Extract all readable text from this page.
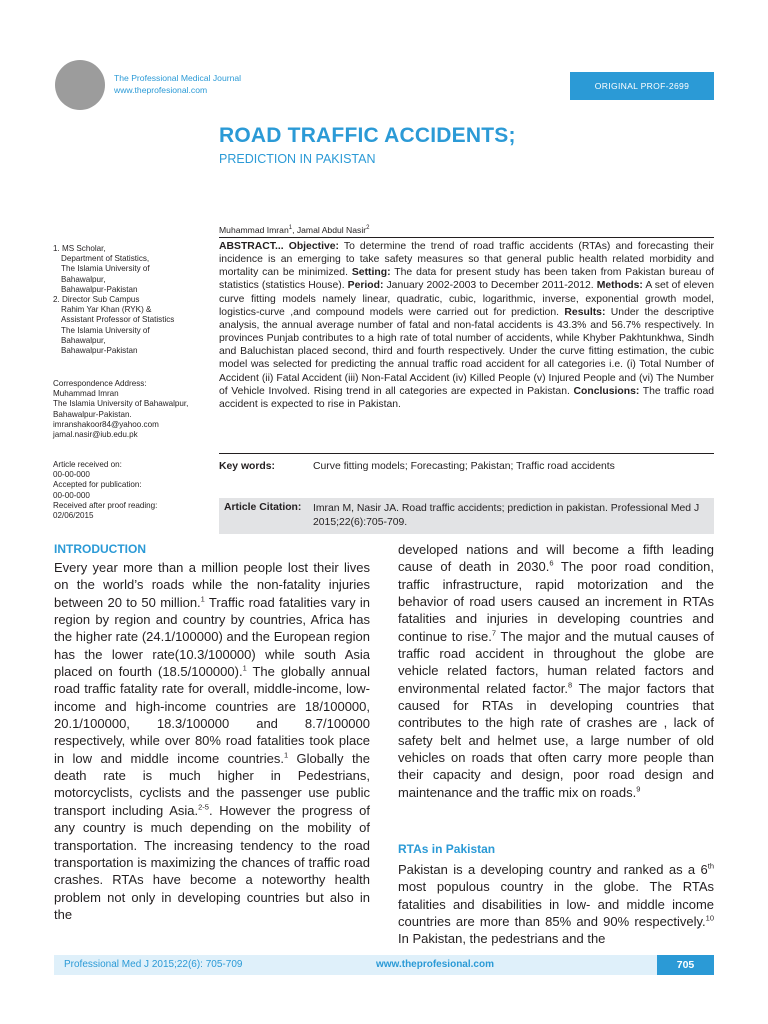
The Professional Medical Journal
www.theprofesional.com	ORIGINAL PROF-2699
ROAD TRAFFIC ACCIDENTS;
PREDICTION IN PAKISTAN
Muhammad Imran$^1$, Jamal Abdul Nasir$^2$
ABSTRACT... Objective: To determine the trend of road traffic accidents (RTAs) and forecasting their incidence is an emerging to take safety measures so that general public health related morbidity and mortality can be minimized. Setting: The data for present study has been taken from Pakistan bureau of statistics (statistics House). Period: January 2002-2003 to December 2011-2012. Methods: A set of eleven curve fitting models namely linear, quadratic, cubic, logarithmic, inverse, exponential growth model, logistics-curve ,and compound models were carried out for prediction. Results: Under the descriptive analysis, the annual average number of fatal and non-fatal accidents is 43.3% and 56.7% respectively. In provinces Punjab contributes to a high rate of total number of accidents, while Khyber Pakhtunkhwa, Sindh and Baluchistan placed second, third and fourth respectively. Under the curve fitting estimation, the cubic model was selected for predicting the annual traffic road accident for all categories i.e. (i) Total Number of Accident (ii) Fatal Accident (iii) Non-Fatal Accident (iv) Killed People (v) Injured People and (vi) The Number of Vehicle Involved. Rising trend in all categories are expected in Pakistan. Conclusions: The traffic road accident is expected to rise in Pakistan.
Key words:	Curve fitting models; Forecasting; Pakistan; Traffic road accidents
Article Citation: Imran M, Nasir JA. Road traffic accidents; prediction in pakistan. Professional Med J 2015;22(6):705-709.
1. MS Scholar,
Department of Statistics,
The Islamia University of
Bahawalpur,
Bahawalpur-Pakistan
2. Director Sub Campus
Rahim Yar Khan (RYK) &
Assistant Professor of Statistics
The Islamia University of
Bahawalpur,
Bahawalpur-Pakistan
Correspondence Address:
Muhammad Imran
The Islamia University of Bahawalpur,
Bahawalpur-Pakistan.
imranshakoor84@yahoo.com
jamal.nasir@iub.edu.pk
Article received on:
00-00-000
Accepted for publication:
00-00-000
Received after proof reading:
02/06/2015
INTRODUCTION
Every year more than a million people lost their lives on the world’s roads while the non-fatality injuries between 20 to 50 million.$^1$ Traffic road fatalities vary in region by region and country by countries, Africa has the higher rate (24.1/100000) and the European region has the lower rate(10.3/100000) while south Asia placed on fourth (18.5/100000).$^1$ The globally annual road traffic fatality rate for overall, middle-income, low-income and high-income countries are 18/100000, 20.1/100000, 18.3/100000 and 8.7/100000 respectively, while over 80% road fatalities took place in low and middle income countries.$^1$ Globally the death rate is much higher in Pedestrians, motorcyclists, cyclists and the passenger use public transport including Asia.$^{2-5}$. However the progress of any country is much depending on the mobility of transportation. The increasing tendency to the road transportation is maximizing the chances of traffic road crashes. RTAs have become a noteworthy health problem not only in developing countries but also in the
developed nations and will become a fifth leading cause of death in 2030.$^6$ The poor road condition, traffic infrastructure, rapid motorization and the behavior of road users caused an increment in RTAs fatalities and injuries in developing countries and continue to rise.$^7$ The major and the mutual causes of traffic road accident in throughout the globe are vehicle related factors, human related factors and environmental related factor.$^8$ The major factors that caused for RTAs in developing countries that contributes to the high rate of crashes are , lack of safety belt and helmet use, a large number of old vehicles on roads that often carry more people than their capacity and design, poor road design and maintenance and the traffic mix on roads.$^9$
RTAs in Pakistan
Pakistan is a developing country and ranked as a 6th most populous country in the globe. The RTAs fatalities and disabilities in low- and middle income countries are more than 85% and 90% respectively.$^{10}$ In Pakistan, the pedestrians and the
Professional Med J 2015;22(6): 705-709	www.theprofesional.com	705
